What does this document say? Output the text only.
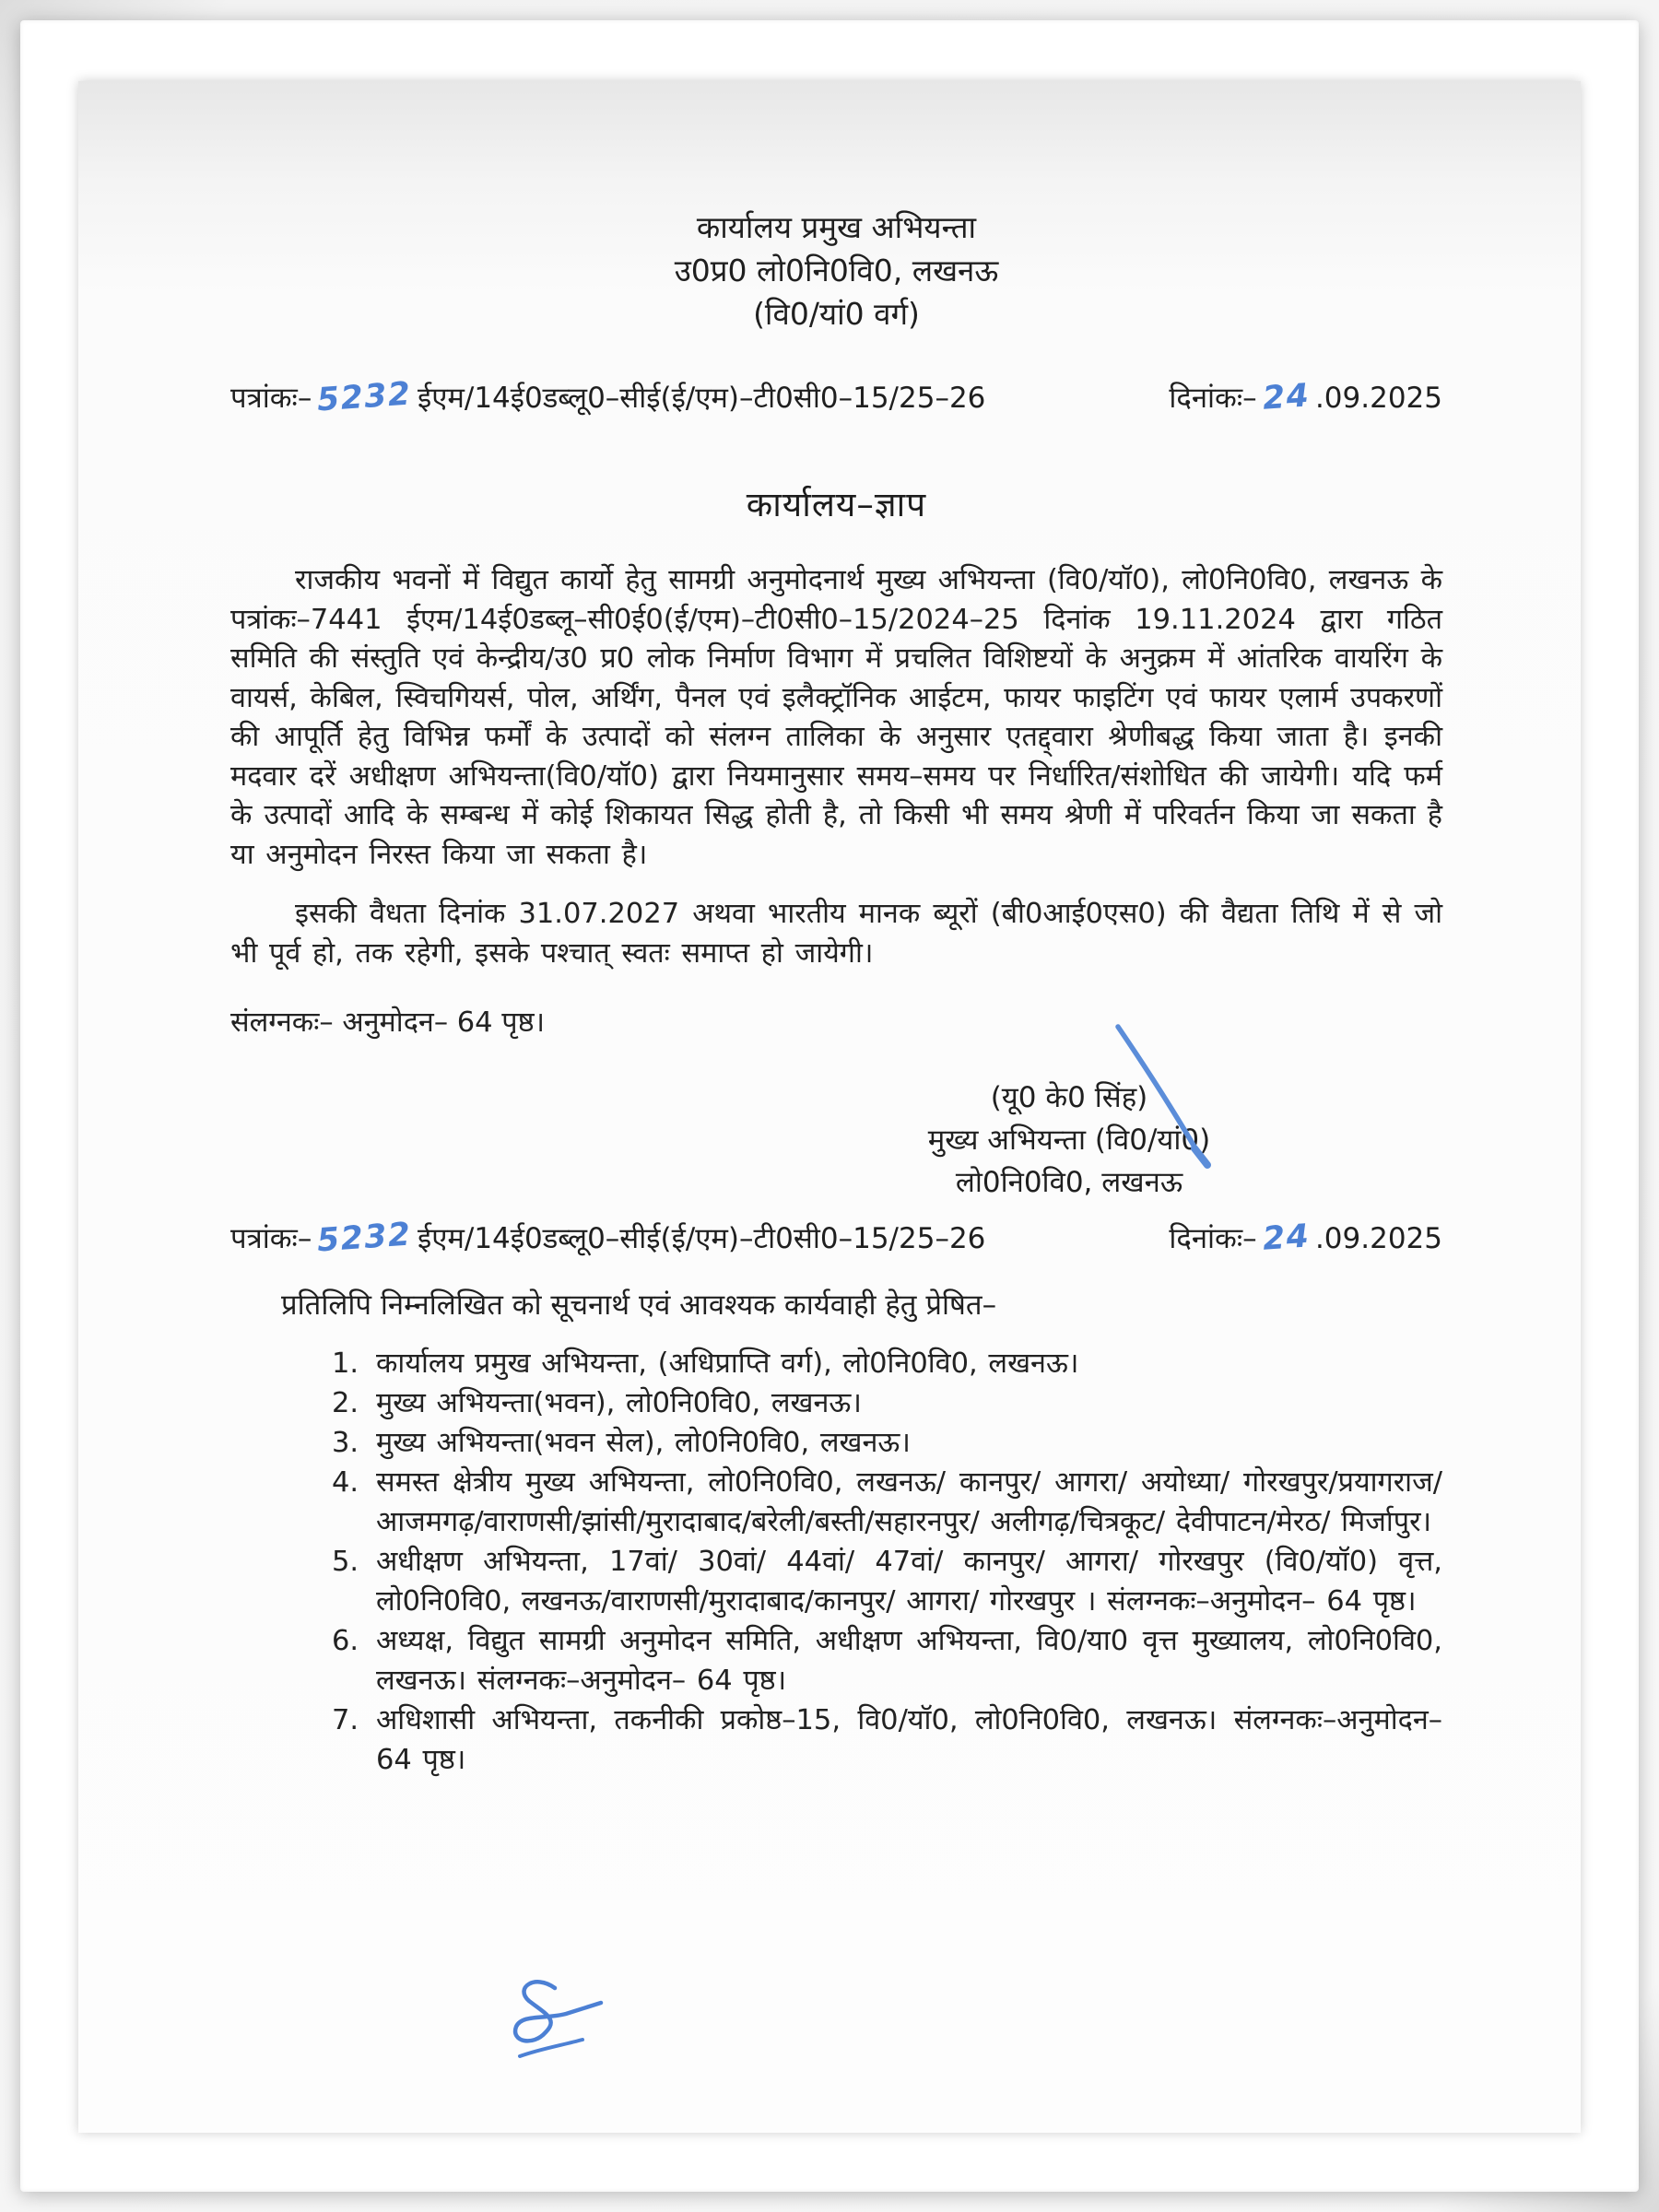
कार्यालय प्रमुख अभियन्ता
उ0प्र0 लो0नि0वि0, लखनऊ
(वि0/यां0 वर्ग)
पत्रांकः– 5232 ईएम/14ई0डब्लू0–सीई(ई/एम)–टी0सी0–15/25–26	दिनांकः– 24 .09.2025
कार्यालय–ज्ञाप

राजकीय भवनों में विद्युत कार्यो हेतु सामग्री अनुमोदनार्थ मुख्य अभियन्ता (वि0/यॉ0), लो0नि0वि0, लखनऊ के पत्रांकः–7441 ईएम/14ई0डब्लू–सी0ई0(ई/एम)–टी0सी0–15/2024–25 दिनांक 19.11.2024 द्वारा गठित समिति की संस्तुति एवं केन्द्रीय/उ0 प्र0 लोक निर्माण विभाग में प्रचलित विशिष्टयों के अनुक्रम में आंतरिक वायरिंग के वायर्स, केबिल, स्विचगियर्स, पोल, अर्थिंग, पैनल एवं इलैक्ट्रॉनिक आईटम, फायर फाइटिंग एवं फायर एलार्म उपकरणों की आपूर्ति हेतु विभिन्न फर्मों के उत्पादों को संलग्न तालिका के अनुसार एतद्द्वारा श्रेणीबद्ध किया जाता है। इनकी मदवार दरें अधीक्षण अभियन्ता(वि0/यॉ0) द्वारा नियमानुसार समय–समय पर निर्धारित/संशोधित की जायेगी। यदि फर्म के उत्पादों आदि के सम्बन्ध में कोई शिकायत सिद्ध होती है, तो किसी भी समय श्रेणी में परिवर्तन किया जा सकता है या अनुमोदन निरस्त किया जा सकता है।

इसकी वैधता दिनांक 31.07.2027 अथवा भारतीय मानक ब्यूरों (बी0आई0एस0) की वैद्यता तिथि में से जो भी पूर्व हो, तक रहेगी, इसके पश्चात् स्वतः समाप्त हो जायेगी।

संलग्नकः– अनुमोदन– 64 पृष्ठ।
(यू0 के0 सिंह)
मुख्य अभियन्ता (वि0/यां0)
लो0नि0वि0, लखनऊ
पत्रांकः– 5232 ईएम/14ई0डब्लू0–सीई(ई/एम)–टी0सी0–15/25–26	दिनांकः– 24 .09.2025
प्रतिलिपि निम्नलिखित को सूचनार्थ एवं आवश्यक कार्यवाही हेतु प्रेषित–
1. कार्यालय प्रमुख अभियन्ता, (अधिप्राप्ति वर्ग), लो0नि0वि0, लखनऊ।
2. मुख्य अभियन्ता(भवन), लो0नि0वि0, लखनऊ।
3. मुख्य अभियन्ता(भवन सेल), लो0नि0वि0, लखनऊ।
4. समस्त क्षेत्रीय मुख्य अभियन्ता, लो0नि0वि0, लखनऊ/ कानपुर/ आगरा/ अयोध्या/ गोरखपुर/प्रयागराज/आजमगढ़/वाराणसी/झांसी/मुरादाबाद/बरेली/बस्ती/सहारनपुर/ अलीगढ़/चित्रकूट/ देवीपाटन/मेरठ/ मिर्जापुर।
5. अधीक्षण अभियन्ता, 17वां/ 30वां/ 44वां/ 47वां/ कानपुर/ आगरा/ गोरखपुर (वि0/यॉ0) वृत्त, लो0नि0वि0, लखनऊ/वाराणसी/मुरादाबाद/कानपुर/ आगरा/ गोरखपुर । संलग्नकः–अनुमोदन– 64 पृष्ठ।
6. अध्यक्ष, विद्युत सामग्री अनुमोदन समिति, अधीक्षण अभियन्ता, वि0/या0 वृत्त मुख्यालय, लो0नि0वि0, लखनऊ। संलग्नकः–अनुमोदन– 64 पृष्ठ।
7. अधिशासी अभियन्ता, तकनीकी प्रकोष्ठ–15, वि0/यॉ0, लो0नि0वि0, लखनऊ। संलग्नकः–अनुमोदन– 64 पृष्ठ।
